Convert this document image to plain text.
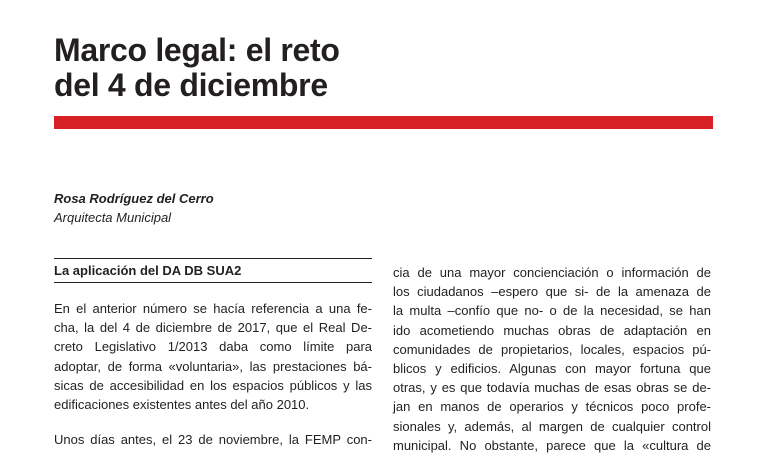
Marco legal: el reto
del 4 de diciembre
Rosa Rodríguez del Cerro
Arquitecta Municipal
La aplicación del DA DB SUA2
En el anterior número se hacía referencia a una fe-
cha, la del 4 de diciembre de 2017, que el Real De-
creto Legislativo 1/2013 daba como límite para
adoptar, de forma «voluntaria», las prestaciones bá-
sicas de accesibilidad en los espacios públicos y las
edificaciones existentes antes del año 2010.
Unos días antes, el 23 de noviembre, la FEMP con-
cia de una mayor concienciación o información de
los ciudadanos –espero que si- de la amenaza de
la multa –confío que no- o de la necesidad, se han
ido acometiendo muchas obras de adaptación en
comunidades de propietarios, locales, espacios pú-
blicos y edificios. Algunas con mayor fortuna que
otras, y es que todavía muchas de esas obras se de-
jan en manos de operarios y técnicos poco profe-
sionales y, además, al margen de cualquier control
municipal. No obstante, parece que la «cultura de
